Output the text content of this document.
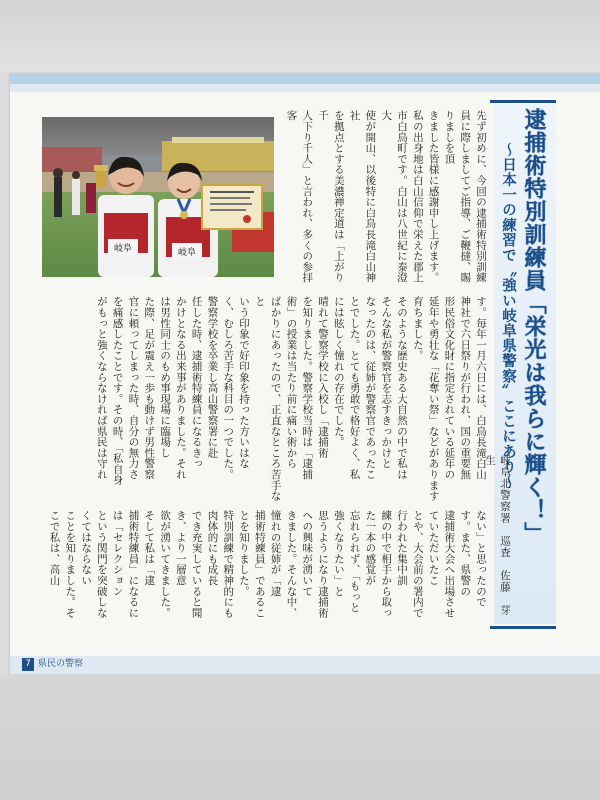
7 県民の警察
逮捕術特別訓練員「栄光は我らに輝く！」
〜日本一の練習で〝強い岐阜県警察〞ここにあり〜
岐阜	岐阜	先ず初めに、今回の逮捕術特別訓練員に際しましてご指導、ご鞭撻、賜りましを頂
きました皆様に感謝申し上げます。
私の出身地は白山信仰で栄えた郡上
市白鳥町です。白山は八世紀に泰澄大
使が開山、以後特に白鳥長滝白山神社
を拠点とする美濃禅定道は「上がり千
人下り千人」と言われ、多くの参拝客

す。毎年一月六日には、白鳥長滝白山
神社で六日祭りが行われ、国の重要無
形民俗文化財に指定されている延年の
延年や勇壮な「花奪い祭」などがあります
育ちました。
そのような歴史ある大自然の中で私は
そんな私が警察官を志すきっかけと
なったのは、従姉が警察官であったこ
とでした。とても勇敢で格好よく、私
には眩しく憧れの存在でした。
晴れて警察学校に入校し「逮捕術
を知りました。警察学校当時は「逮捕
術」の授業は当たり前に痛い術から
ばかりにあったので、正直なところ苦手なと
いう印象で好印象を持った方いはな
く、むしろ苦手な科目の一つでした。
警察学校を卒業し高山警察署に赴
任した時、逮捕術特練員になるきっ
かけとなる出来事がありました。それ
は男性同士のもめ事現場に臨場し
た際、足が震え一歩も動けず男性警察
官に頼ってしまった時、自分の無力さ
を痛感したことです。その時、「私自身
がもっと強くならなければ県民は守れ
ない」と思ったのです。また、県警の
逮捕術大会へ出場させていただいたこ
とや、大会前の署内で行われた集中訓
練の中で相手から取った一本の感覚が
忘れられず、「もっと強くなりたい」と
思うようになり逮捕術への興味が湧いて
きました。そんな中、憧れの従姉が「逮
捕術特練員」であることを知りました。
特別訓練で精神的にも肉体的にも成長
でき充実していると聞き、より一層意
欲が湧いてきました。そして私は「逮
捕術特練員」になるには「セレクション
という関門を突破しなくてはならない
ことを知りました。そこで私は、高山	岐阜北警察署　巡査　佐藤　芽生
